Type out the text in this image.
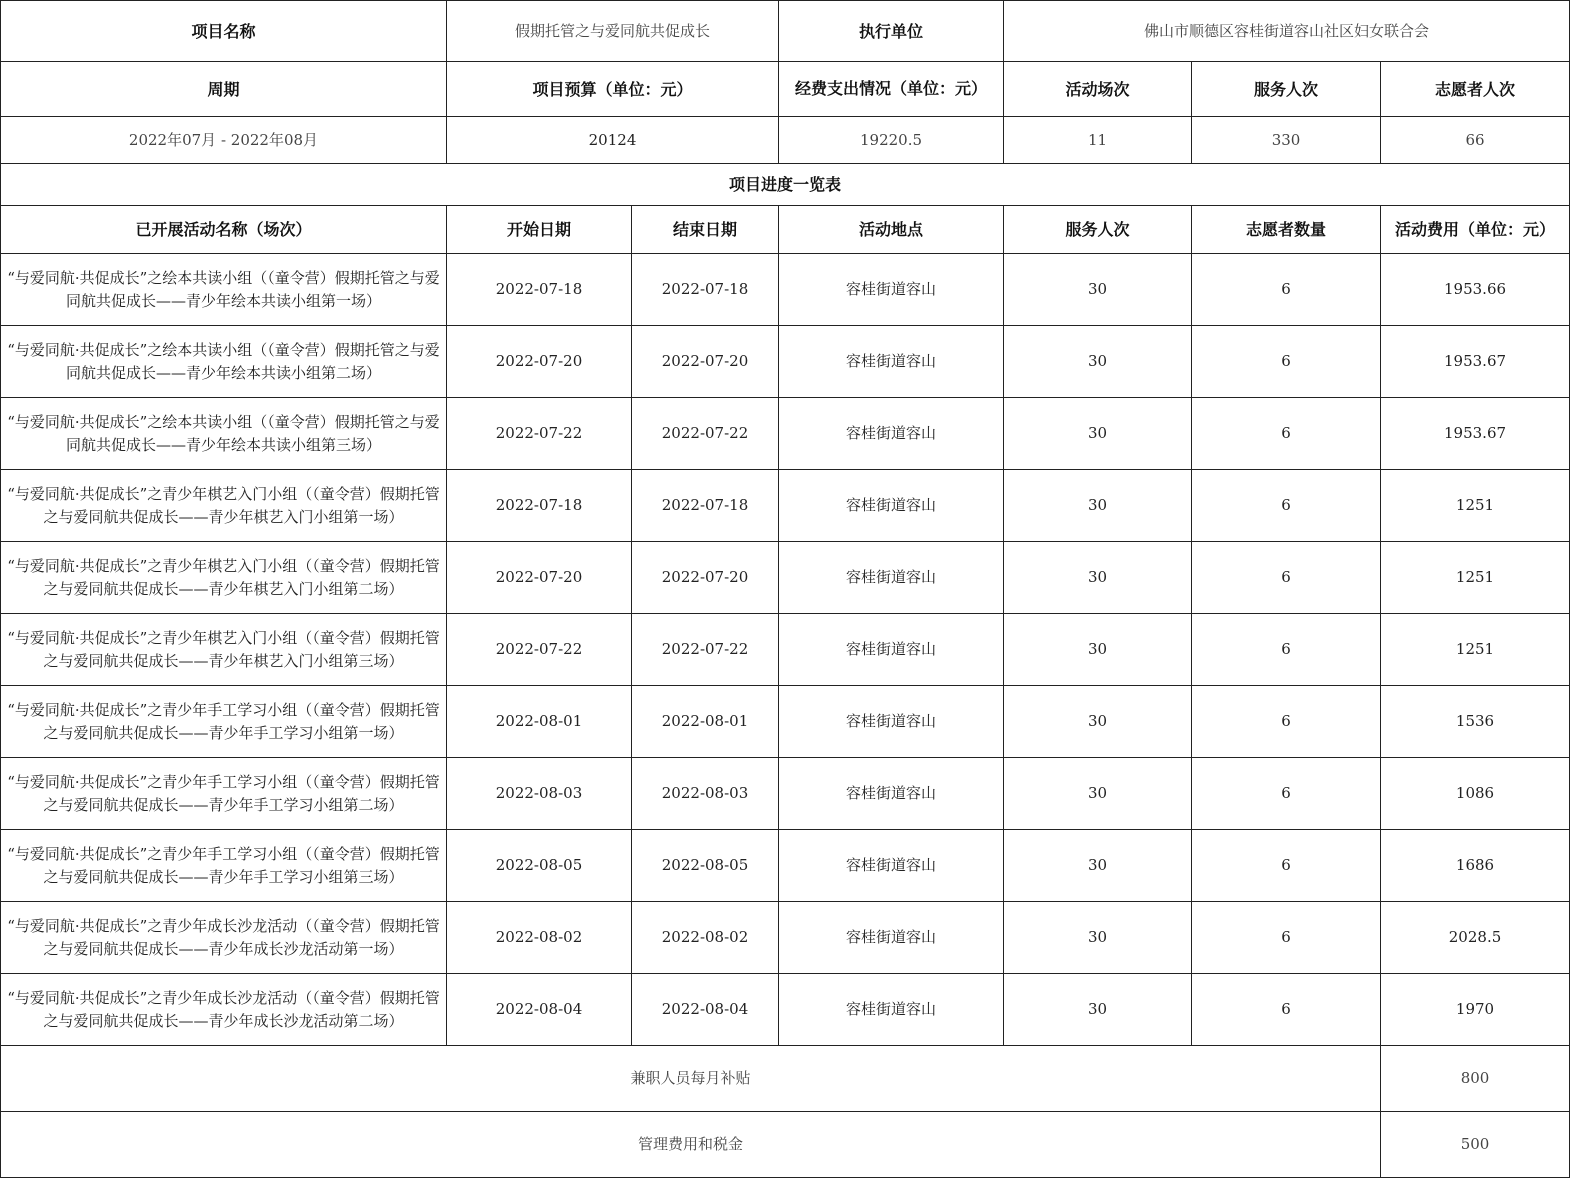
项目名称	假期托管之与爱同航共促成长		执行单位	佛山市顺德区容桂街道容山社区妇女联合会		
周期	项目预算（单位：元）		经费支出情况（单位：元）	活动场次	服务人次	志愿者人次
2022年07月 - 2022年08月	20124		19220.5	11	330	66
项目进度一览表						
已开展活动名称（场次）	开始日期	结束日期	活动地点	服务人次	志愿者数量	活动费用（单位：元）
“与爱同航·共促成长”之绘本共读小组（（童令营）假期托管之与爱同航共促成长——青少年绘本共读小组第一场）	2022-07-18	2022-07-18	容桂街道容山	30	6	1953.66
“与爱同航·共促成长”之绘本共读小组（（童令营）假期托管之与爱同航共促成长——青少年绘本共读小组第二场）	2022-07-20	2022-07-20	容桂街道容山	30	6	1953.67
“与爱同航·共促成长”之绘本共读小组（（童令营）假期托管之与爱同航共促成长——青少年绘本共读小组第三场）	2022-07-22	2022-07-22	容桂街道容山	30	6	1953.67
“与爱同航·共促成长”之青少年棋艺入门小组（（童令营）假期托管之与爱同航共促成长——青少年棋艺入门小组第一场）	2022-07-18	2022-07-18	容桂街道容山	30	6	1251
“与爱同航·共促成长”之青少年棋艺入门小组（（童令营）假期托管之与爱同航共促成长——青少年棋艺入门小组第二场）	2022-07-20	2022-07-20	容桂街道容山	30	6	1251
“与爱同航·共促成长”之青少年棋艺入门小组（（童令营）假期托管之与爱同航共促成长——青少年棋艺入门小组第三场）	2022-07-22	2022-07-22	容桂街道容山	30	6	1251
“与爱同航·共促成长”之青少年手工学习小组（（童令营）假期托管之与爱同航共促成长——青少年手工学习小组第一场）	2022-08-01	2022-08-01	容桂街道容山	30	6	1536
“与爱同航·共促成长”之青少年手工学习小组（（童令营）假期托管之与爱同航共促成长——青少年手工学习小组第二场）	2022-08-03	2022-08-03	容桂街道容山	30	6	1086
“与爱同航·共促成长”之青少年手工学习小组（（童令营）假期托管之与爱同航共促成长——青少年手工学习小组第三场）	2022-08-05	2022-08-05	容桂街道容山	30	6	1686
“与爱同航·共促成长”之青少年成长沙龙活动（（童令营）假期托管之与爱同航共促成长——青少年成长沙龙活动第一场）	2022-08-02	2022-08-02	容桂街道容山	30	6	2028.5
“与爱同航·共促成长”之青少年成长沙龙活动（（童令营）假期托管之与爱同航共促成长——青少年成长沙龙活动第二场）	2022-08-04	2022-08-04	容桂街道容山	30	6	1970
兼职人员每月补贴						800
管理费用和税金						500
